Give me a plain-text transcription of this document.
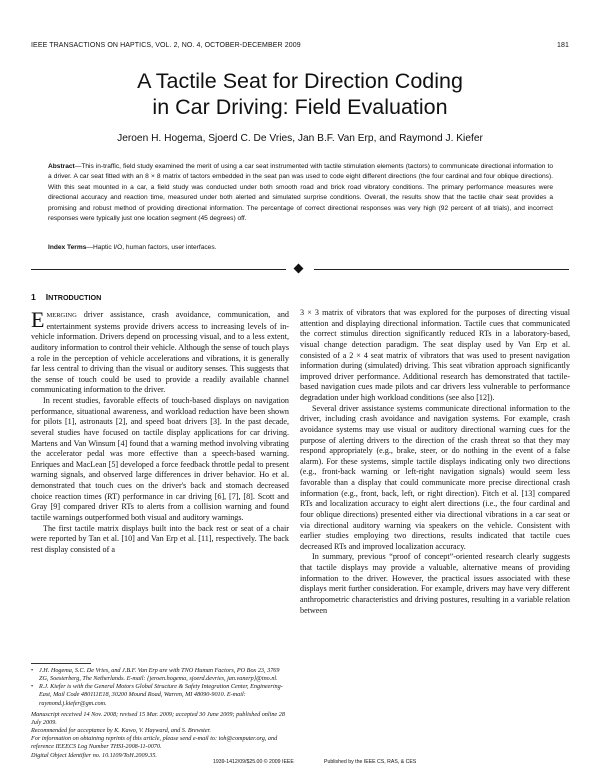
IEEE TRANSACTIONS ON HAPTICS, VOL. 2, NO. 4, OCTOBER-DECEMBER 2009	181
A Tactile Seat for Direction Coding
in Car Driving: Field Evaluation
Jeroen H. Hogema, Sjoerd C. De Vries, Jan B.F. Van Erp, and Raymond J. Kiefer
Abstract—This in-traffic, field study examined the merit of using a car seat instrumented with tactile stimulation elements (tactors) to communicate directional information to a driver. A car seat fitted with an 8 × 8 matrix of tactors embedded in the seat pan was used to code eight different directions (the four cardinal and four oblique directions). With this seat mounted in a car, a field study was conducted under both smooth road and brick road vibratory conditions. The primary performance measures were directional accuracy and reaction time, measured under both alerted and simulated surprise conditions. Overall, the results show that the tactile chair seat provides a promising and robust method of providing directional information. The percentage of correct directional responses was very high (92 percent of all trials), and incorrect responses were typically just one location segment (45 degrees) off.
Index Terms—Haptic I/O, human factors, user interfaces.
1 INTRODUCTION

EMERGING driver assistance, crash avoidance, communication, and entertainment systems provide drivers access to increasing levels of in-vehicle information. Drivers depend on processing visual, and to a less extent, auditory information to control their vehicle. Although the sense of touch plays a role in the perception of vehicle accelerations and vibrations, it is generally far less central to driving than the visual or auditory senses. This suggests that the sense of touch could be used to provide a readily available channel communicating information to the driver.

In recent studies, favorable effects of touch-based displays on navigation performance, situational awareness, and workload reduction have been shown for pilots [1], astronauts [2], and speed boat drivers [3]. In the past decade, several studies have focused on tactile display applications for car driving. Martens and Van Winsum [4] found that a warning method involving vibrating the accelerator pedal was more effective than a speech-based warning. Enriques and MacLean [5] developed a force feedback throttle pedal to present warning signals, and observed large differences in driver behavior. Ho et al. demonstrated that touch cues on the driver's back and stomach decreased choice reaction times (RT) performance in car driving [6], [7], [8]. Scott and Gray [9] compared driver RTs to alerts from a collision warning and found tactile warnings outperformed both visual and auditory warnings.

The first tactile matrix displays built into the back rest or seat of a chair were reported by Tan et al. [10] and Van Erp et al. [11], respectively. The back rest display consisted of a

• J.H. Hogema, S.C. De Vries, and J.B.F. Van Erp are with TNO Human Factors, PO Box 23, 3769 ZG, Soesterberg, The Netherlands. E-mail: {jeroen.hogema, sjoerd.devries, jan.vanerp}@tno.nl.
• R.J. Kiefer is with the General Motors Global Structure & Safety Integration Center, Engineering-East, Mail Code 480111E18, 30200 Mound Road, Warren, MI 48090-9010. E-mail: raymond.j.kiefer@gm.com.
Manuscript received 14 Nov. 2008; revised 15 Mar. 2009; accepted 30 June 2009; published online 28 July 2009.
Recommended for acceptance by K. Kawo, V. Hayward, and S. Brewster.
For information on obtaining reprints of this article, please send e-mail to: toh@computer.org, and reference IEEECS Log Number THSI-2008-11-0070.
Digital Object Identifier no. 10.1109/ToH.2009.35.

3 × 3 matrix of vibrators that was explored for the purposes of directing visual attention and displaying directional information. Tactile cues that communicated the correct stimulus direction significantly reduced RTs in a laboratory-based, visual change detection paradigm. The seat display used by Van Erp et al. consisted of a 2 × 4 seat matrix of vibrators that was used to present navigation information during (simulated) driving. This seat vibration approach significantly improved driver performance. Additional research has demonstrated that tactile-based navigation cues made pilots and car drivers less vulnerable to performance degradation under high workload conditions (see also [12]).

Several driver assistance systems communicate directional information to the driver, including crash avoidance and navigation systems. For example, crash avoidance systems may use visual or auditory directional warning cues for the purpose of alerting drivers to the direction of the crash threat so that they may respond appropriately (e.g., brake, steer, or do nothing in the event of a false alarm). For these systems, simple tactile displays indicating only two directions (e.g., front-back warning or left-right navigation signals) would seem less favorable than a display that could communicate more precise directional crash information (e.g., front, back, left, or right direction). Fitch et al. [13] compared RTs and localization accuracy to eight alert directions (i.e., the four cardinal and four oblique directions) presented either via directional vibrations in a car seat or via directional auditory warning via speakers on the vehicle. Consistent with earlier studies employing two directions, results indicated that tactile cues decreased RTs and improved localization accuracy.

In summary, previous “proof of concept”-oriented research clearly suggests that tactile displays may provide a valuable, alternative means of providing information to the driver. However, the practical issues associated with these displays merit further consideration. For example, drivers may have very different anthropometric characteristics and driving postures, resulting in a variable relation between

1939-1412/09/$25.00 © 2009 IEEE	Published by the IEEE CS, RAS, & CES
